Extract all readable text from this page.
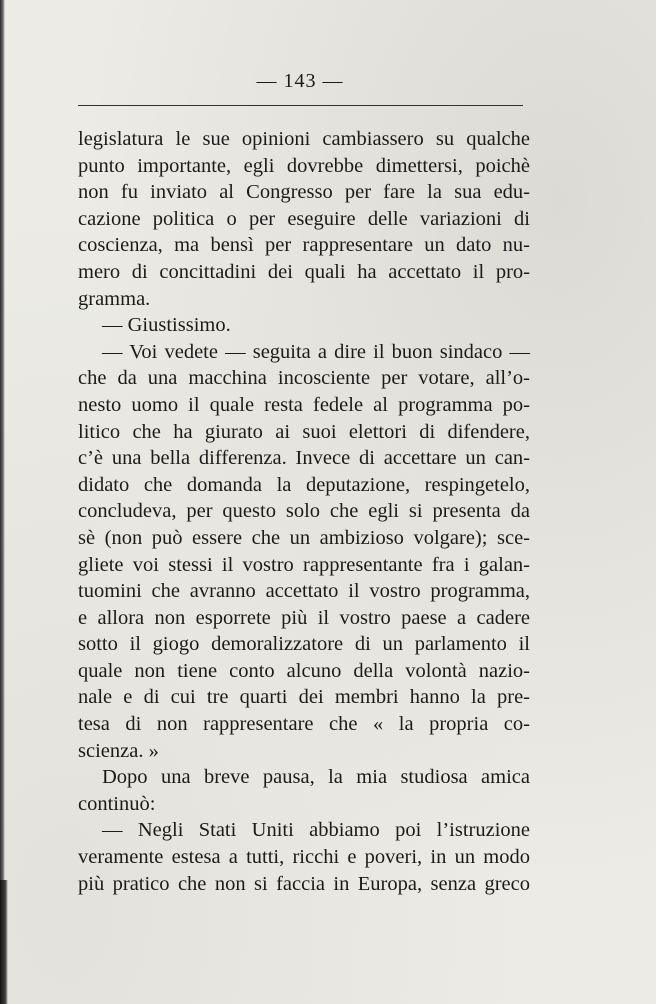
— 143 —
legislatura le sue opinioni cambiassero su qualche
punto importante, egli dovrebbe dimettersi, poichè
non fu inviato al Congresso per fare la sua edu-
cazione politica o per eseguire delle variazioni di
coscienza, ma bensì per rappresentare un dato nu-
mero di concittadini dei quali ha accettato il pro-
gramma.
— Giustissimo.
— Voi vedete — seguita a dire il buon sindaco —
che da una macchina incosciente per votare, all’o-
nesto uomo il quale resta fedele al programma po-
litico che ha giurato ai suoi elettori di difendere,
c’è una bella differenza. Invece di accettare un can-
didato che domanda la deputazione, respingetelo,
concludeva, per questo solo che egli si presenta da
sè (non può essere che un ambizioso volgare); sce-
gliete voi stessi il vostro rappresentante fra i galan-
tuomini che avranno accettato il vostro programma,
e allora non esporrete più il vostro paese a cadere
sotto il giogo demoralizzatore di un parlamento il
quale non tiene conto alcuno della volontà nazio-
nale e di cui tre quarti dei membri hanno la pre-
tesa di non rappresentare che « la propria co-
scienza. »
Dopo una breve pausa, la mia studiosa amica
continuò:
— Negli Stati Uniti abbiamo poi l’istruzione
veramente estesa a tutti, ricchi e poveri, in un modo
più pratico che non si faccia in Europa, senza greco
